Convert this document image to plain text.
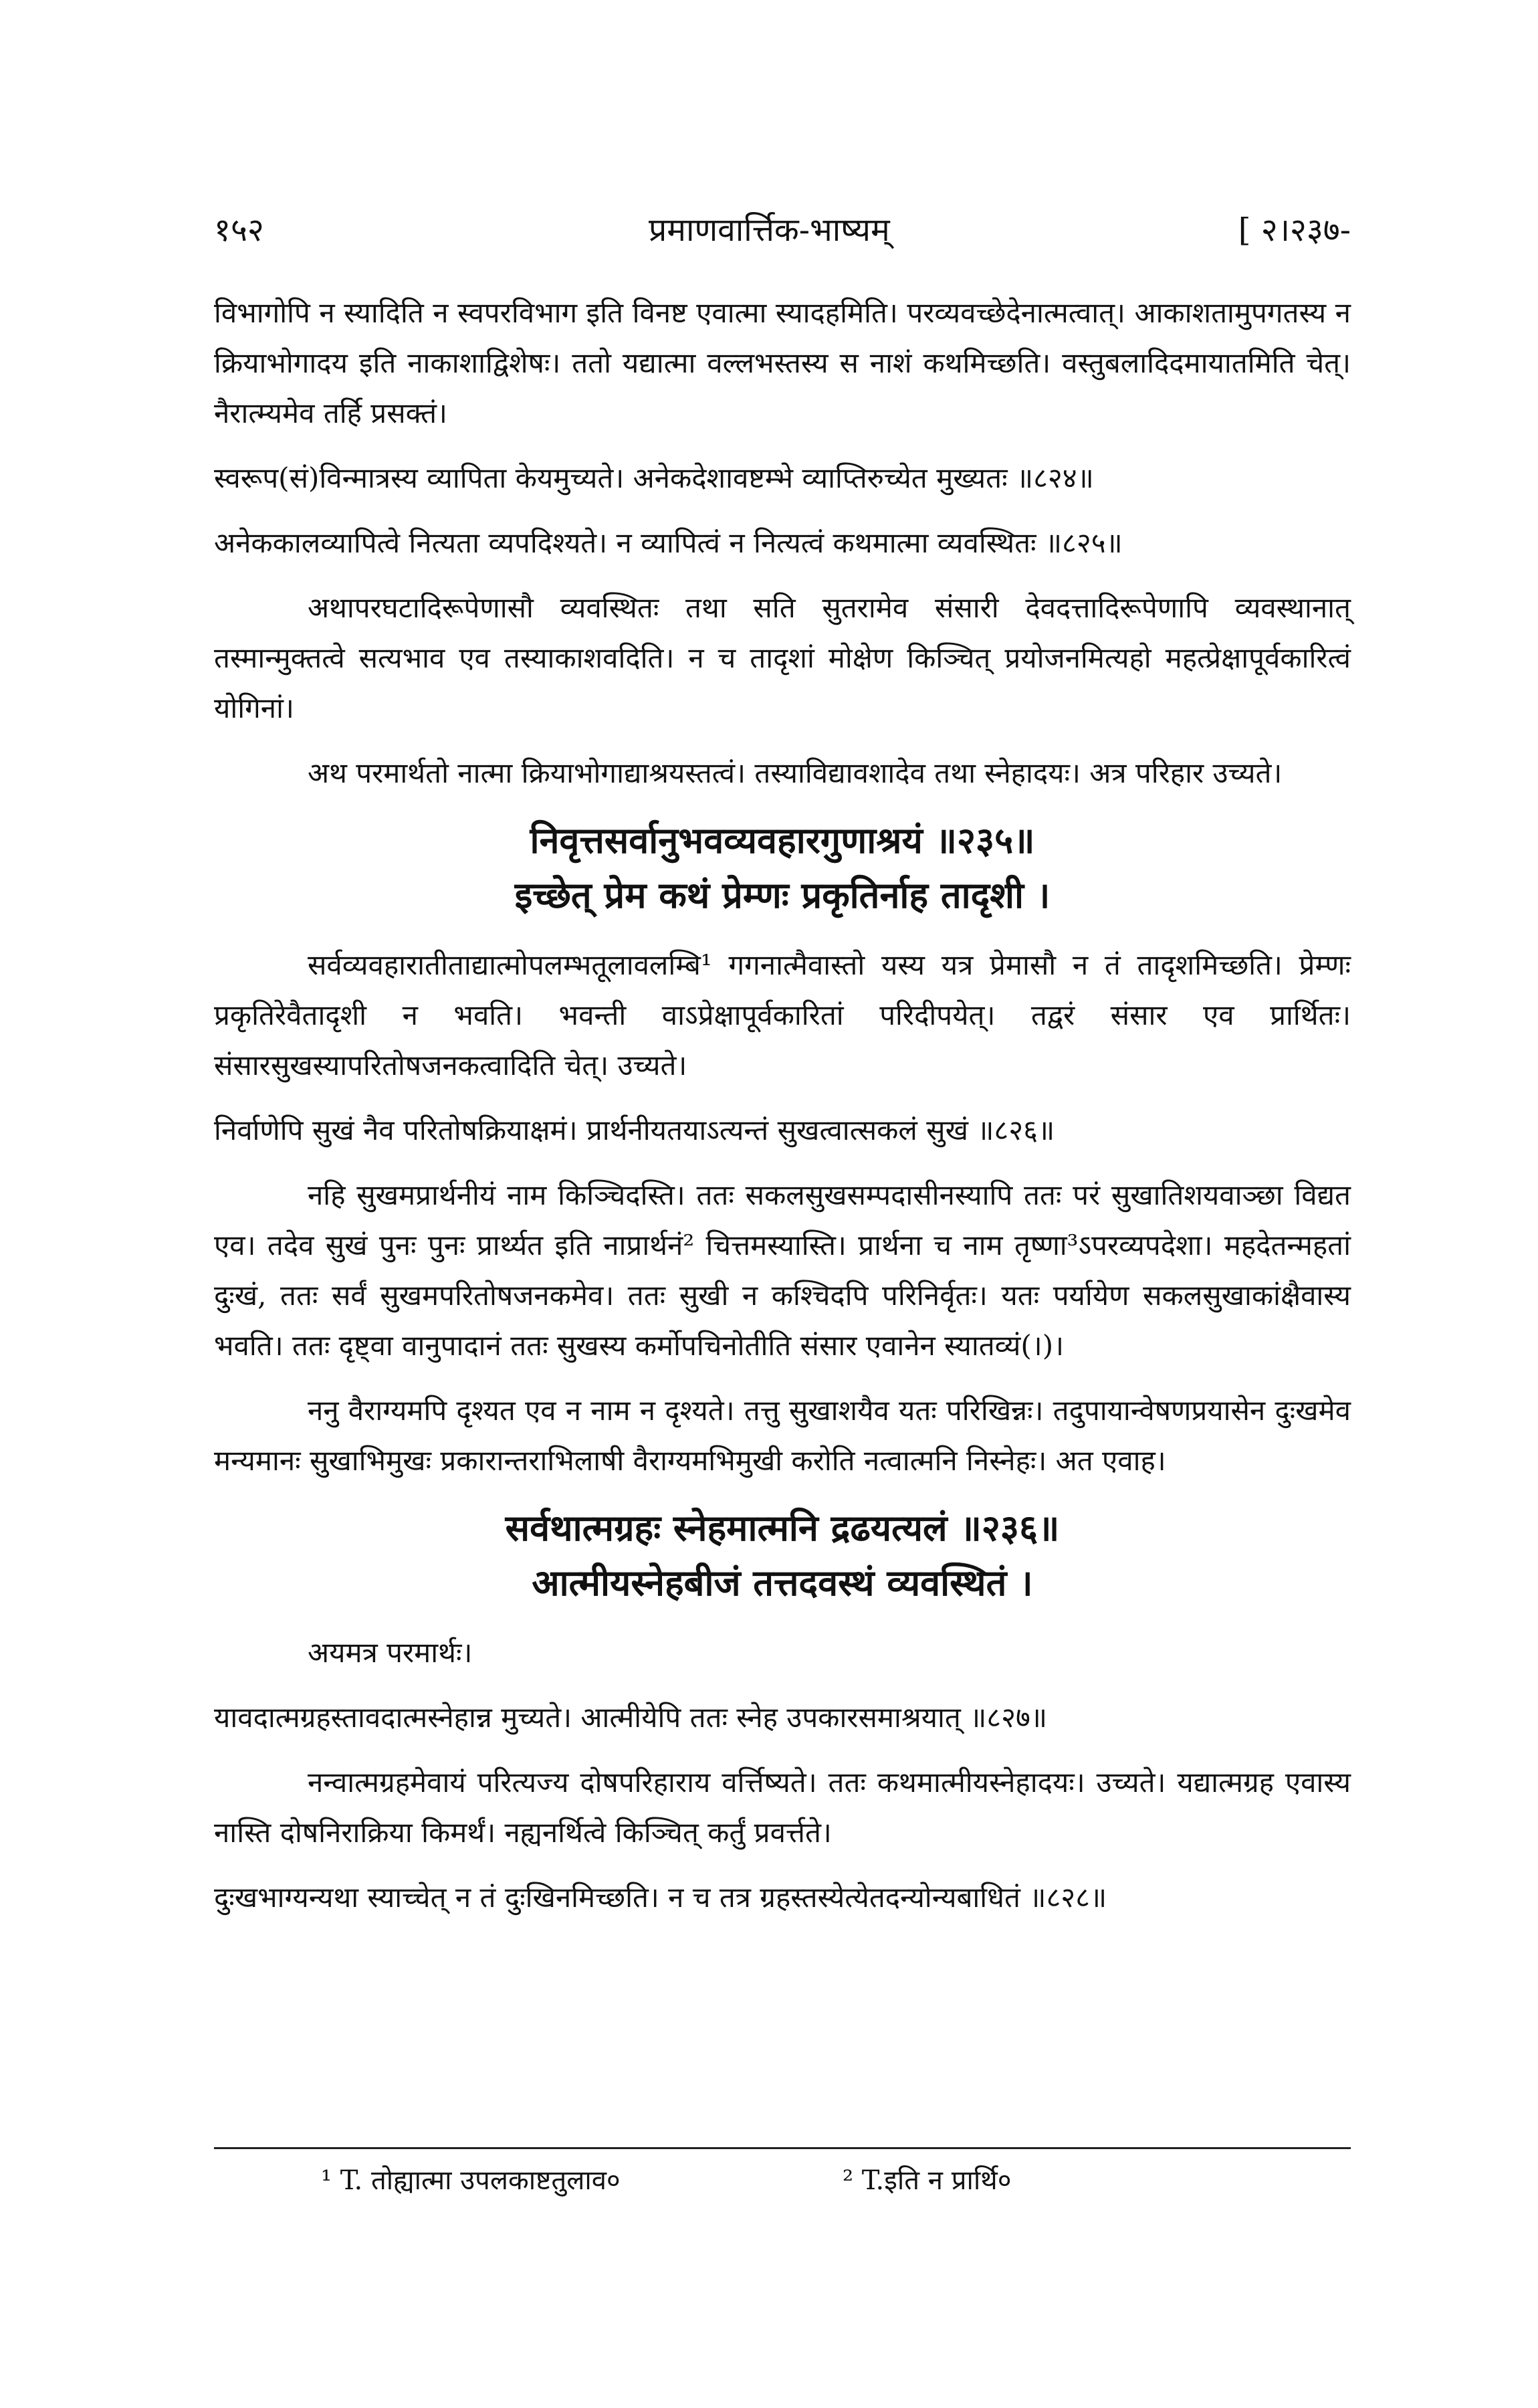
१५२	प्रमाणवार्त्तिक-भाष्यम्	[ २।२३७-

विभागोपि न स्यादिति न स्वपरविभाग इति विनष्ट एवात्मा स्यादहमिति। परव्यवच्छेदेनात्मत्वात्। आकाशतामुपगतस्य न क्रियाभोगादय इति नाकाशाद्विशेषः। ततो यद्यात्मा वल्लभस्तस्य स नाशं कथमिच्छति। वस्तुबलादिदमायातमिति चेत्। नैरात्म्यमेव तर्हि प्रसक्तं।

स्वरूप(सं)विन्मात्रस्य व्यापिता केयमुच्यते। अनेकदेशावष्टम्भे व्याप्तिरुच्येत मुख्यतः ॥८२४॥

अनेककालव्यापित्वे नित्यता व्यपदिश्यते। न व्यापित्वं न नित्यत्वं कथमात्मा व्यवस्थितः ॥८२५॥

अथापरघटादिरूपेणासौ व्यवस्थितः तथा सति सुतरामेव संसारी देवदत्तादिरूपेणापि व्यवस्थानात् तस्मान्मुक्तत्वे सत्यभाव एव तस्याकाशवदिति। न च तादृशां मोक्षेण किञ्चित् प्रयोजनमित्यहो महत्प्रेक्षापूर्वकारित्वं योगिनां।

अथ परमार्थतो नात्मा क्रियाभोगाद्याश्रयस्तत्वं। तस्याविद्यावशादेव तथा स्नेहादयः। अत्र परिहार उच्यते।

निवृत्तसर्वानुभवव्यवहारगुणाश्रयं ॥२३५॥
इच्छेत् प्रेम कथं प्रेम्णः प्रकृतिर्नाह तादृशी ।

सर्वव्यवहारातीताद्यात्मोपलम्भतूलावलम्बि¹ गगनात्मैवास्तो यस्य यत्र प्रेमासौ न तं तादृशमिच्छति। प्रेम्णः प्रकृतिरेवैतादृशी न भवति। भवन्ती वाऽप्रेक्षापूर्वकारितां परिदीपयेत्। तद्वरं संसार एव प्रार्थितः। संसारसुखस्यापरितोषजनकत्वादिति चेत्। उच्यते।

निर्वाणेपि सुखं नैव परितोषक्रियाक्षमं। प्रार्थनीयतयाऽत्यन्तं सुखत्वात्सकलं सुखं ॥८२६॥

नहि सुखमप्रार्थनीयं नाम किञ्चिदस्ति। ततः सकलसुखसम्पदासीनस्यापि ततः परं सुखातिशयवाञ्छा विद्यत एव। तदेव सुखं पुनः पुनः प्रार्थ्यत इति नाप्रार्थनं² चित्तमस्यास्ति। प्रार्थना च नाम तृष्णा³ऽपरव्यपदेशा। महदेतन्महतां दुःखं, ततः सर्वं सुखमपरितोषजनकमेव। ततः सुखी न कश्चिदपि परिनिर्वृतः। यतः पर्यायेण सकलसुखाकांक्षैवास्य भवति। ततः दृष्ट्वा वानुपादानं ततः सुखस्य कर्मोपचिनोतीति संसार एवानेन स्यातव्यं(।)।

ननु वैराग्यमपि दृश्यत एव न नाम न दृश्यते। तत्तु सुखाशयैव यतः परिखिन्नः। तदुपायान्वेषणप्रयासेन दुःखमेव मन्यमानः सुखाभिमुखः प्रकारान्तराभिलाषी वैराग्यमभिमुखी करोति नत्वात्मनि निस्नेहः। अत एवाह।

सर्वथात्मग्रहः स्नेहमात्मनि द्रढयत्यलं ॥२३६॥
आत्मीयस्नेहबीजं तत्तदवस्थं व्यवस्थितं ।

अयमत्र परमार्थः।

यावदात्मग्रहस्तावदात्मस्नेहान्न मुच्यते। आत्मीयेपि ततः स्नेह उपकारसमाश्रयात् ॥८२७॥

नन्वात्मग्रहमेवायं परित्यज्य दोषपरिहाराय वर्त्तिष्यते। ततः कथमात्मीयस्नेहादयः। उच्यते। यद्यात्मग्रह एवास्य नास्ति दोषनिराक्रिया किमर्थं। नह्यनर्थित्वे किञ्चित् कर्तुं प्रवर्त्तते।

दुःखभाग्यन्यथा स्याच्चेत् न तं दुःखिनमिच्छति। न च तत्र ग्रहस्तस्येत्येतदन्योन्यबाधितं ॥८२८॥

¹ T. तोह्यात्मा उपलकाष्टतुलाव०	² T.इति न प्रार्थि०
